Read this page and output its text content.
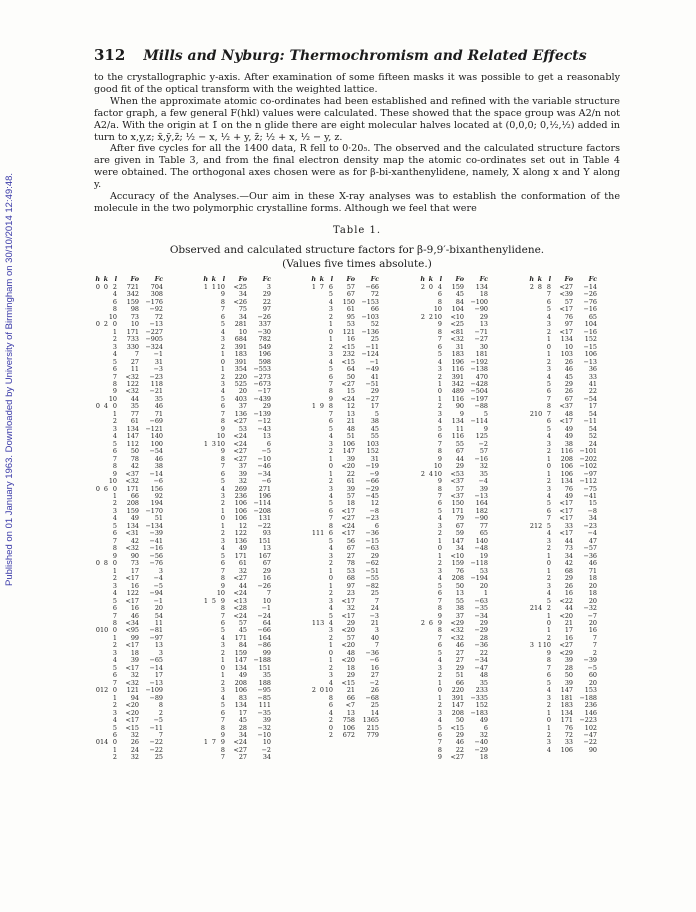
Published on 01 January 1963. Downloaded by University of Birmingham on 30/10/2014 12:49:48.
312 Mills and Nyburg: Thermochromism and Related Effects

to the crystallographic y-axis. After examination of some fifteen masks it was possible to get a reasonably good fit of the optical transform with the weighted lattice.

When the approximate atomic co-ordinates had been established and refined with the variable structure factor graph, a few general F(hkl) values were calculated. These showed that the space group was A2/n not A2/a. With the origin at 1̄ on the n glide there are eight molecular halves located at (0,0,0; 0,½,½) added in turn to x,y,z; x̄,ȳ,z̄; ½ − x, ½ + y, z̄; ½ + x, ½ − y, z.

After five cycles for all the 1400 data, R fell to 0·20₅. The observed and the calculated structure factors are given in Table 3, and from the final electron density map the atomic co-ordinates set out in Table 4 were obtained. The orthogonal axes chosen were as for β-bi-xanthenylidene, namely, X along x and Y along y.

Accuracy of the Analyses.—Our aim in these X-ray analyses was to establish the conformation of the molecule in the two polymorphic crystalline forms. Although we feel that were

Table 1.
Observed and calculated structure factors for β-9,9′-bixanthenylidene.
(Values five times absolute.)
h k	l	Fo	Fc
0 0 2	721	704
4	342	308
6	159	−176
8	98	−92
10	73	72
0 2 0	10	−13
1	171	−227
2	733	−905
3	330	−324
4	7	−1
5	27	31
6	11	−3
7	<32	−23
8	122	118
9	<32	−21
10	44	35
0 4 0	35	46
1	77	71
2	61	−69
3	134	−121
4	147	140
5	112	100
6	50	−54
7	78	46
8	42	38
9	<37	−14
10	<32	−6
0 6 0	171	156
1	66	92
2	208	194
3	159	−170
4	49	51
5	134	−134
6	<31	−39
7	42	−41
8	<32	−16
9	90	−56
0 8 0	73	−76
1	17	3
2	<17	−4
3	16	−5
4	122	−94
5	<17	−1
6	16	20
7	46	54
8	<34	11
0 10 0	<95	−81
1	99	−97
2	<17	13
3	18	3
4	39	−65
5	<17	−14
6	32	17
7	<32	−13
0 12 0	121	−109
1	94	−89
2	<20	8
3	<20	2
4	<17	−5
5	<15	−11
6	32	7
0 14 0	26	−22
1	24	−22
2	32	25
h k	l	Fo	Fc
1 1 10	<25	3
9	34	29
8	<26	22
7	75	97
6	34	−26
5	281	337
4	10	−30
3	684	782
2	391	549
1	183	196
0	391	598
1	354	−553
2	220	−273
3	525	−673
4	20	−17
5	403	−439
6	37	29
7	136	−139
8	<27	−12
9	53	−43
10	<24	13
1 3 10	<24	6
9	<27	−5
8	<27	−10
7	37	−46
6	39	−34
5	32	−6
4	269	271
3	236	196
2	106	−114
1	106	−208
0	106	131
1	12	−22
2	122	93
3	136	151
4	49	13
5	171	167
6	61	67
7	32	29
8	<27	16
9	44	−26
10	<24	7
1 5 9	<13	10
8	<28	−1
7	<24	−24
6	57	64
5	45	−66
4	171	164
3	84	−86
2	159	99
1	147	−188
0	134	151
1	49	35
2	208	188
3	106	−95
4	83	−85
5	134	111
6	17	−35
7	45	39
8	28	−32
9	34	−10
1 7 9	<24	10
8	<27	−2
7	27	34
h k	l	Fo	Fc
1 7 6	57	−66
5	67	72
4	150	−153
3	61	66
2	95	−103
1	53	52
0	121	−136
1	16	25
2	<15	−11
3	232	−124
4	<15	−1
5	64	−49
6	50	41
7	<27	−51
8	15	29
9	<24	−27
1 9 8	12	17
7	13	5
6	21	38
5	48	45
4	51	55
3	106	103
2	147	152
1	39	31
0	<20	−19
1	22	−9
2	61	−66
3	39	−29
4	57	−45
5	18	12
6	<17	−8
7	<27	−23
8	<24	6
1 11 6	<17	−36
5	56	−15
4	67	−63
3	27	29
2	78	−62
1	53	−51
0	68	−55
1	97	−82
2	23	25
3	<17	7
4	32	24
5	<17	−3
1 13 4	29	21
3	<20	3
2	57	40
1	<20	7
0	48	−36
1	<20	−6
2	18	16
3	29	27
4	<15	−2
2 0 10	21	26
8	66	−68
6	<7	25
4	13	14
2	758	1365
0	106	215
2	672	779
h k	l	Fo	Fc
2 0 4	159	134
6	45	18
8	84	−100
10	104	−90
2 2 10	<10	29
9	<25	13
8	<81	−71
7	<32	−27
6	31	30
5	183	181
4	196	−192
3	116	−138
2	391	470
1	342	−428
0	489	−504
1	116	−197
2	90	−88
3	9	5
4	134	−114
5	11	9
6	116	125
7	55	−2
8	67	57
9	44	−16
10	29	32
2 4 10	<53	35
9	<37	−4
8	57	39
7	<37	−13
6	150	164
5	171	182
4	79	−90
3	67	77
2	59	65
1	147	140
0	34	−48
1	<10	19
2	159	−118
3	76	53
4	208	−194
5	50	20
6	13	1
7	55	−63
8	38	−35
9	37	−34
2 6 9	<29	29
8	<32	−29
7	<32	28
6	46	−36
5	27	22
4	27	−34
3	29	−47
2	51	48
1	66	35
0	220	233
1	391	−335
2	147	152
3	208	−183
4	50	49
5	<15	6
6	29	32
7	46	−40
8	22	−29
9	<27	18
h k	l	Fo	Fc
2 8 8	<27	−14
7	<39	−26
6	57	−76
5	<17	−16
4	76	65
3	97	104
2	<17	−16
1	134	152
0	10	−15
1	103	106
2	26	−13
3	46	36
4	45	33
5	29	41
6	26	22
7	67	−54
8	<37	17
2 10 7	48	54
6	<17	−11
5	49	54
4	49	52
3	38	24
2	116	−101
1	208	−202
0	106	−102
1	106	−97
2	134	−112
3	76	−75
4	49	−41
5	<17	15
6	<17	−8
7	<17	34
2 12 5	33	−23
4	<17	−4
3	44	47
2	73	−57
1	34	−36
0	42	46
1	68	71
2	29	18
3	26	20
4	16	18
5	<22	20
2 14 2	44	−32
1	<20	−7
0	21	20
1	17	16
2	16	7
3 1 10	<27	7
9	<29	2
8	39	−39
7	28	−5
6	50	60
5	39	20
4	147	153
3	181	−188
2	183	236
1	134	146
0	171	−223
1	76	102
2	72	−47
3	33	−22
4	106	90
